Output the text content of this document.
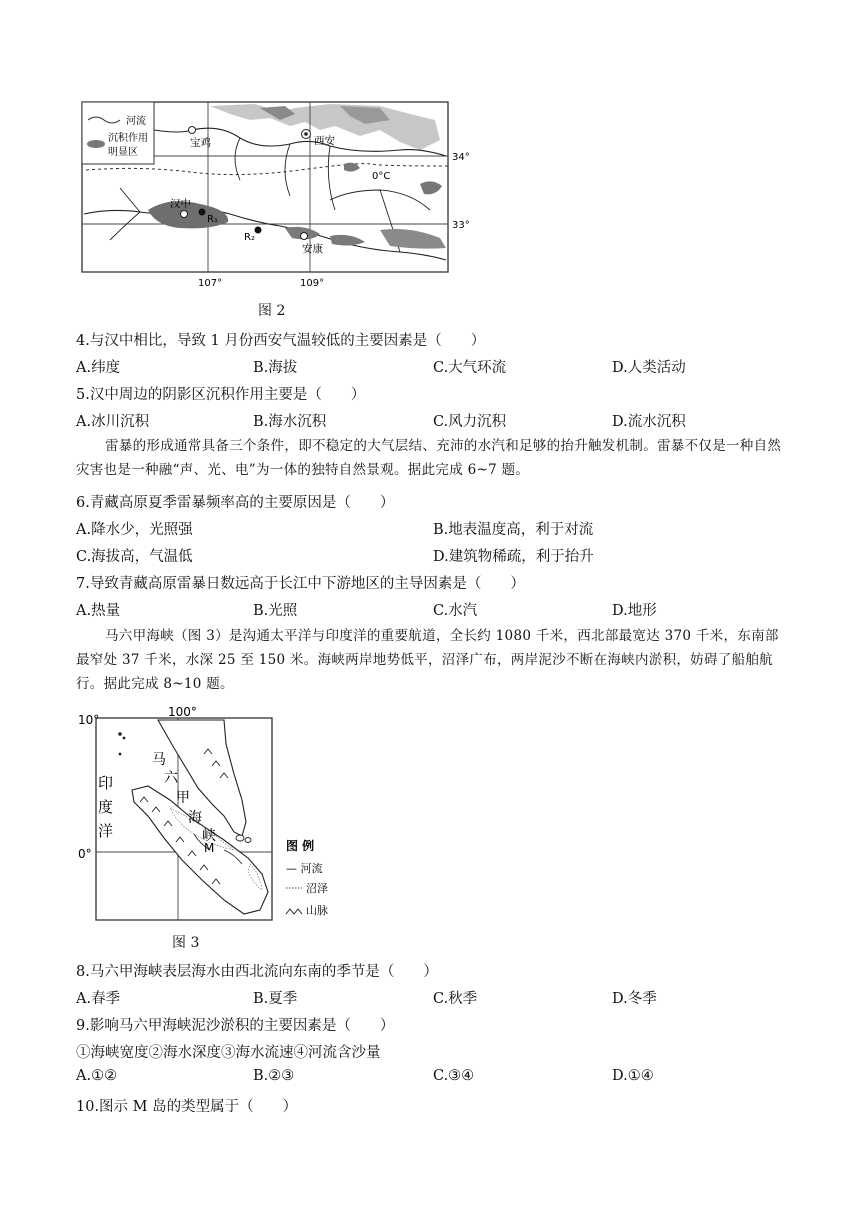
河流
沉积作用
明显区
0°C
宝鸡	西安
汉中
R₁
R₂
安康
34°
33°
107°	109°
图 2
4.与汉中相比，导致 1 月份西安气温较低的主要因素是（　　）
A.纬度	B.海拔	C.大气环流	D.人类活动
5.汉中周边的阴影区沉积作用主要是（　　）
A.冰川沉积	B.海水沉积	C.风力沉积	D.流水沉积
雷暴的形成通常具备三个条件，即不稳定的大气层结、充沛的水汽和足够的抬升触发机制。雷暴不仅是一种自然灾害也是一种融“声、光、电”为一体的独特自然景观。据此完成 6~7 题。
6.青藏高原夏季雷暴频率高的主要原因是（　　）
A.降水少，光照强	B.地表温度高，利于对流
C.海拔高，气温低	D.建筑物稀疏，利于抬升
7.导致青藏高原雷暴日数远高于长江中下游地区的主导因素是（　　）
A.热量	B.光照	C.水汽	D.地形
马六甲海峡（图 3）是沟通太平洋与印度洋的重要航道，全长约 1080 千米，西北部最宽达 370 千米，东南部最窄处 37 千米，水深 25 至 150 米。海峡两岸地势低平，沼泽广布，两岸泥沙不断在海峡内淤积，妨碍了船舶航行。据此完成 8~10 题。
10°
0°
100°
印
度
洋
马
六
甲
海
峡
M	图 例
— 河流
沼泽
山脉
图 3
8.马六甲海峡表层海水由西北流向东南的季节是（　　）
A.春季	B.夏季	C.秋季	D.冬季
9.影响马六甲海峡泥沙淤积的主要因素是（　　）
①海峡宽度②海水深度③海水流速④河流含沙量
A.①②	B.②③	C.③④	D.①④
10.图示 M 岛的类型属于（　　）
